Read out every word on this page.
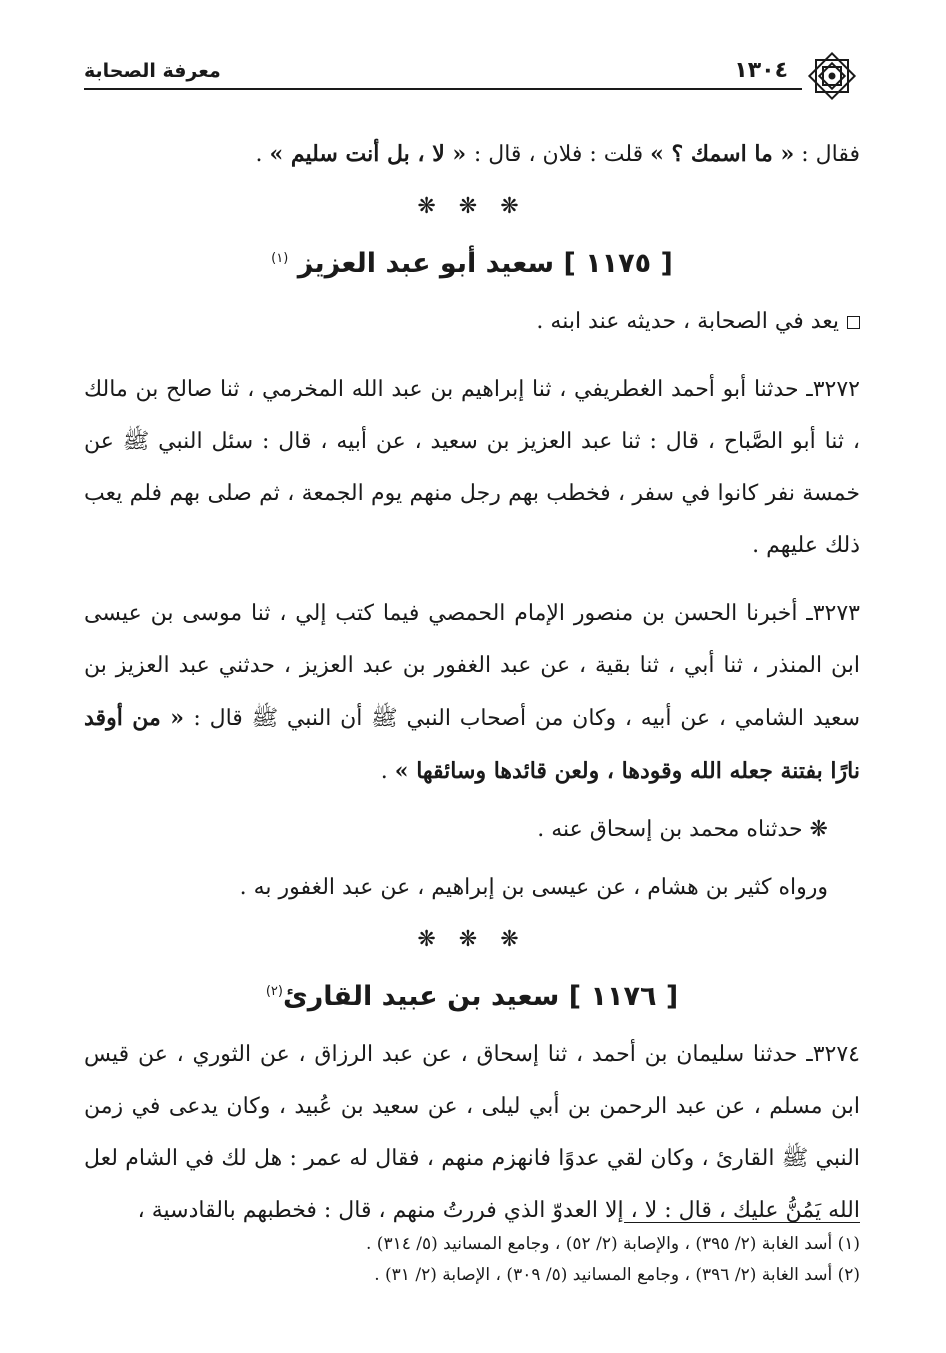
١٣٠٤
معرفة الصحابة

فقال : « ما اسمك ؟ » قلت : فلان ، قال : « لا ، بل أنت سليم » .

❋ ❋ ❋

[ ١١٧٥ ] سعيد أبو عبد العزيز $^{(١)}$

يعد في الصحابة ، حديثه عند ابنه .

٣٢٧٢ـ حدثنا أبو أحمد الغطريفي ، ثنا إبراهيم بن عبد الله المخرمي ، ثنا صالح بن مالك ، ثنا أبو الصَّباح ، قال : ثنا عبد العزيز بن سعيد ، عن أبيه ، قال : سئل النبي ﷺ عن خمسة نفر كانوا في سفر ، فخطب بهم رجل منهم يوم الجمعة ، ثم صلى بهم فلم يعب ذلك عليهم .

٣٢٧٣ـ أخبرنا الحسن بن منصور الإمام الحمصي فيما كتب إلي ، ثنا موسى بن عيسى ابن المنذر ، ثنا أبي ، ثنا بقية ، عن عبد الغفور بن عبد العزيز ، حدثني عبد العزيز بن سعيد الشامي ، عن أبيه ، وكان من أصحاب النبي ﷺ أن النبي ﷺ قال : « من أوقد نارًا بفتنة جعله الله وقودها ، ولعن قائدها وسائقها » .

❋ حدثناه محمد بن إسحاق عنه .

ورواه كثير بن هشام ، عن عيسى بن إبراهيم ، عن عبد الغفور به .

❋ ❋ ❋

[ ١١٧٦ ] سعيد بن عبيد القارئ$^{(٢)}$

٣٢٧٤ـ حدثنا سليمان بن أحمد ، ثنا إسحاق ، عن عبد الرزاق ، عن الثوري ، عن قيس ابن مسلم ، عن عبد الرحمن بن أبي ليلى ، عن سعيد بن عُبيد ، وكان يدعى في زمن النبي ﷺ القارئ ، وكان لقي عدوًا فانهزم منهم ، فقال له عمر : هل لك في الشام لعل الله يَمُنُّ عليك ، قال : لا ، إلا العدوّ الذي فررتُ منهم ، قال : فخطبهم بالقادسية ،

(١) أسد الغابة (٢/ ٣٩٥) ، والإصابة (٢/ ٥٢) ، وجامع المسانيد (٥/ ٣١٤) .

(٢) أسد الغابة (٢/ ٣٩٦) ، وجامع المسانيد (٥/ ٣٠٩) ، الإصابة (٢/ ٣١) .
